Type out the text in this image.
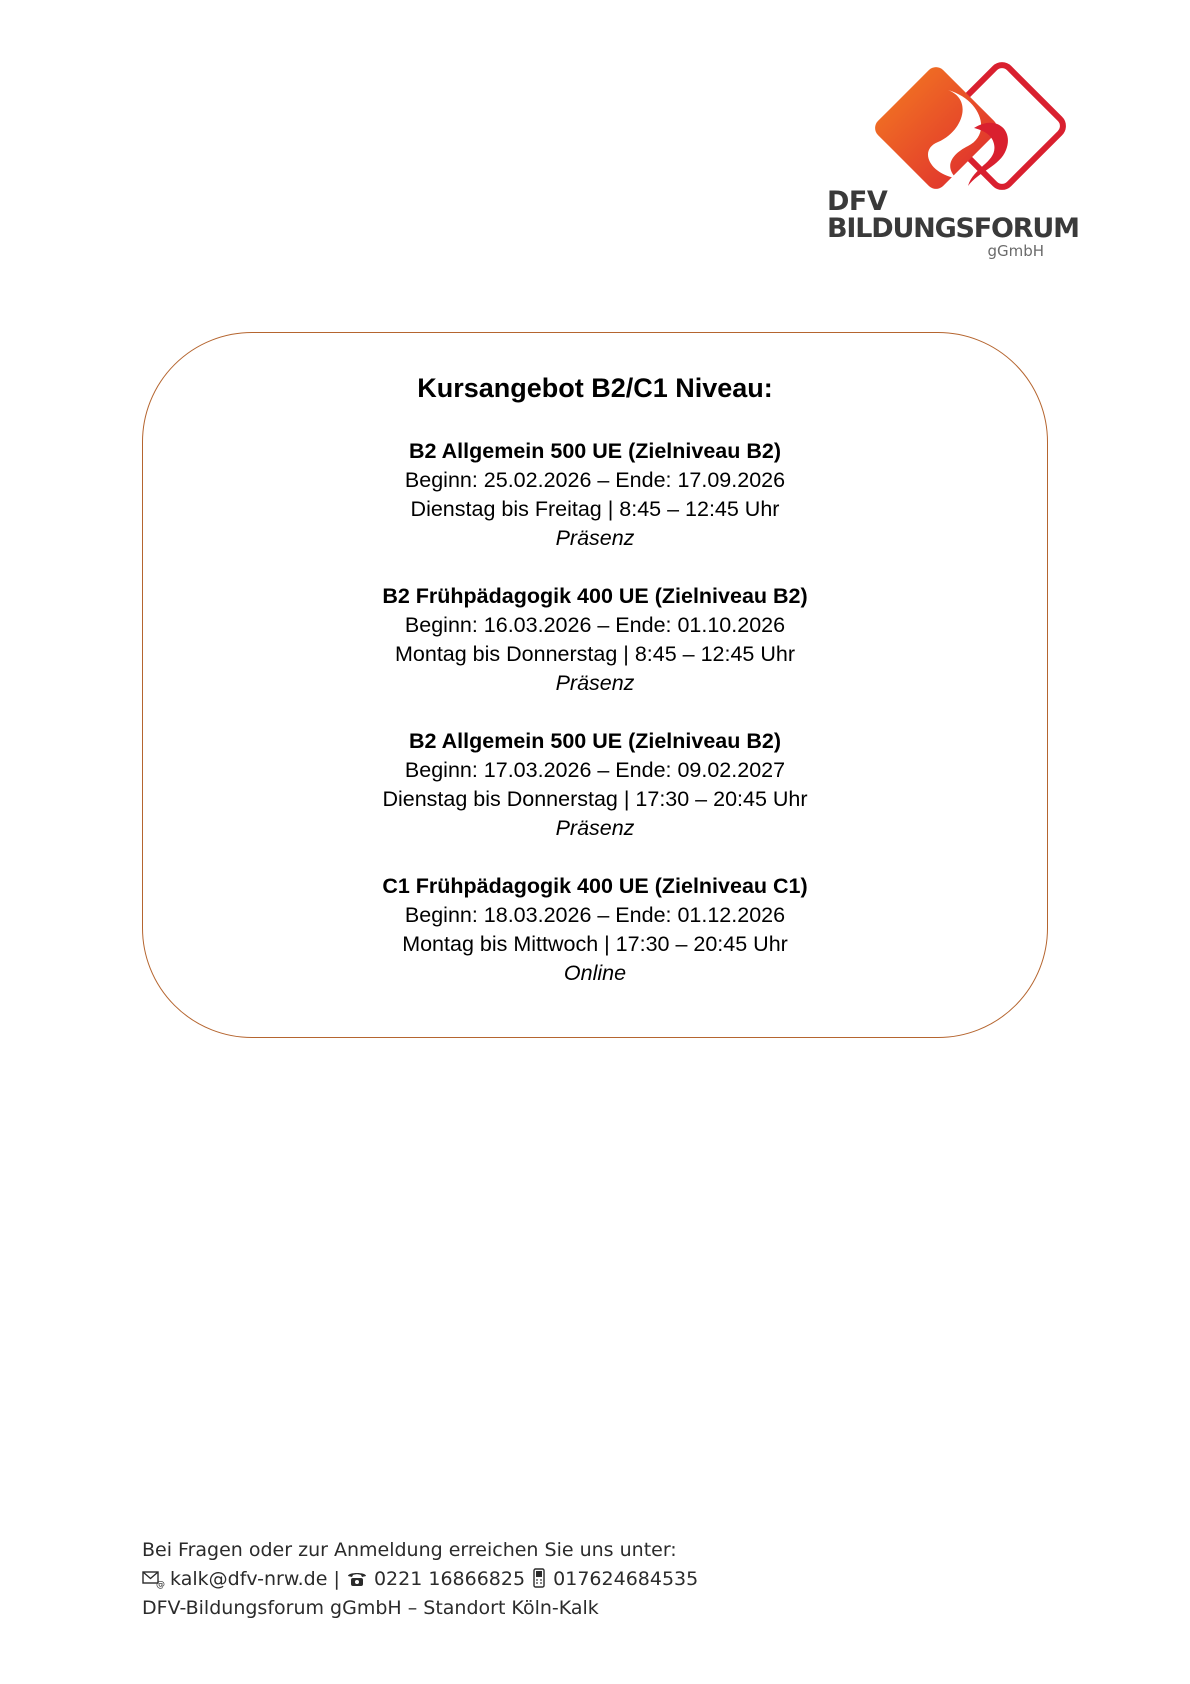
DFV
BILDUNGSFORUM
gGmbH
Kursangebot B2/C1 Niveau:
B2 Allgemein 500 UE (Zielniveau B2)
Beginn: 25.02.2026 – Ende: 17.09.2026
Dienstag bis Freitag | 8:45 – 12:45 Uhr
Präsenz
B2 Frühpädagogik 400 UE (Zielniveau B2)
Beginn: 16.03.2026 – Ende: 01.10.2026
Montag bis Donnerstag | 8:45 – 12:45 Uhr
Präsenz
B2 Allgemein 500 UE (Zielniveau B2)
Beginn: 17.03.2026 – Ende: 09.02.2027
Dienstag bis Donnerstag | 17:30 – 20:45 Uhr
Präsenz
C1 Frühpädagogik 400 UE (Zielniveau C1)
Beginn: 18.03.2026 – Ende: 01.12.2026
Montag bis Mittwoch | 17:30 – 20:45 Uhr
Online
Bei Fragen oder zur Anmeldung erreichen Sie uns unter:
@ kalk@dfv-nrw.de | 0221 16866825 017624684535
DFV-Bildungsforum gGmbH – Standort Köln-Kalk
